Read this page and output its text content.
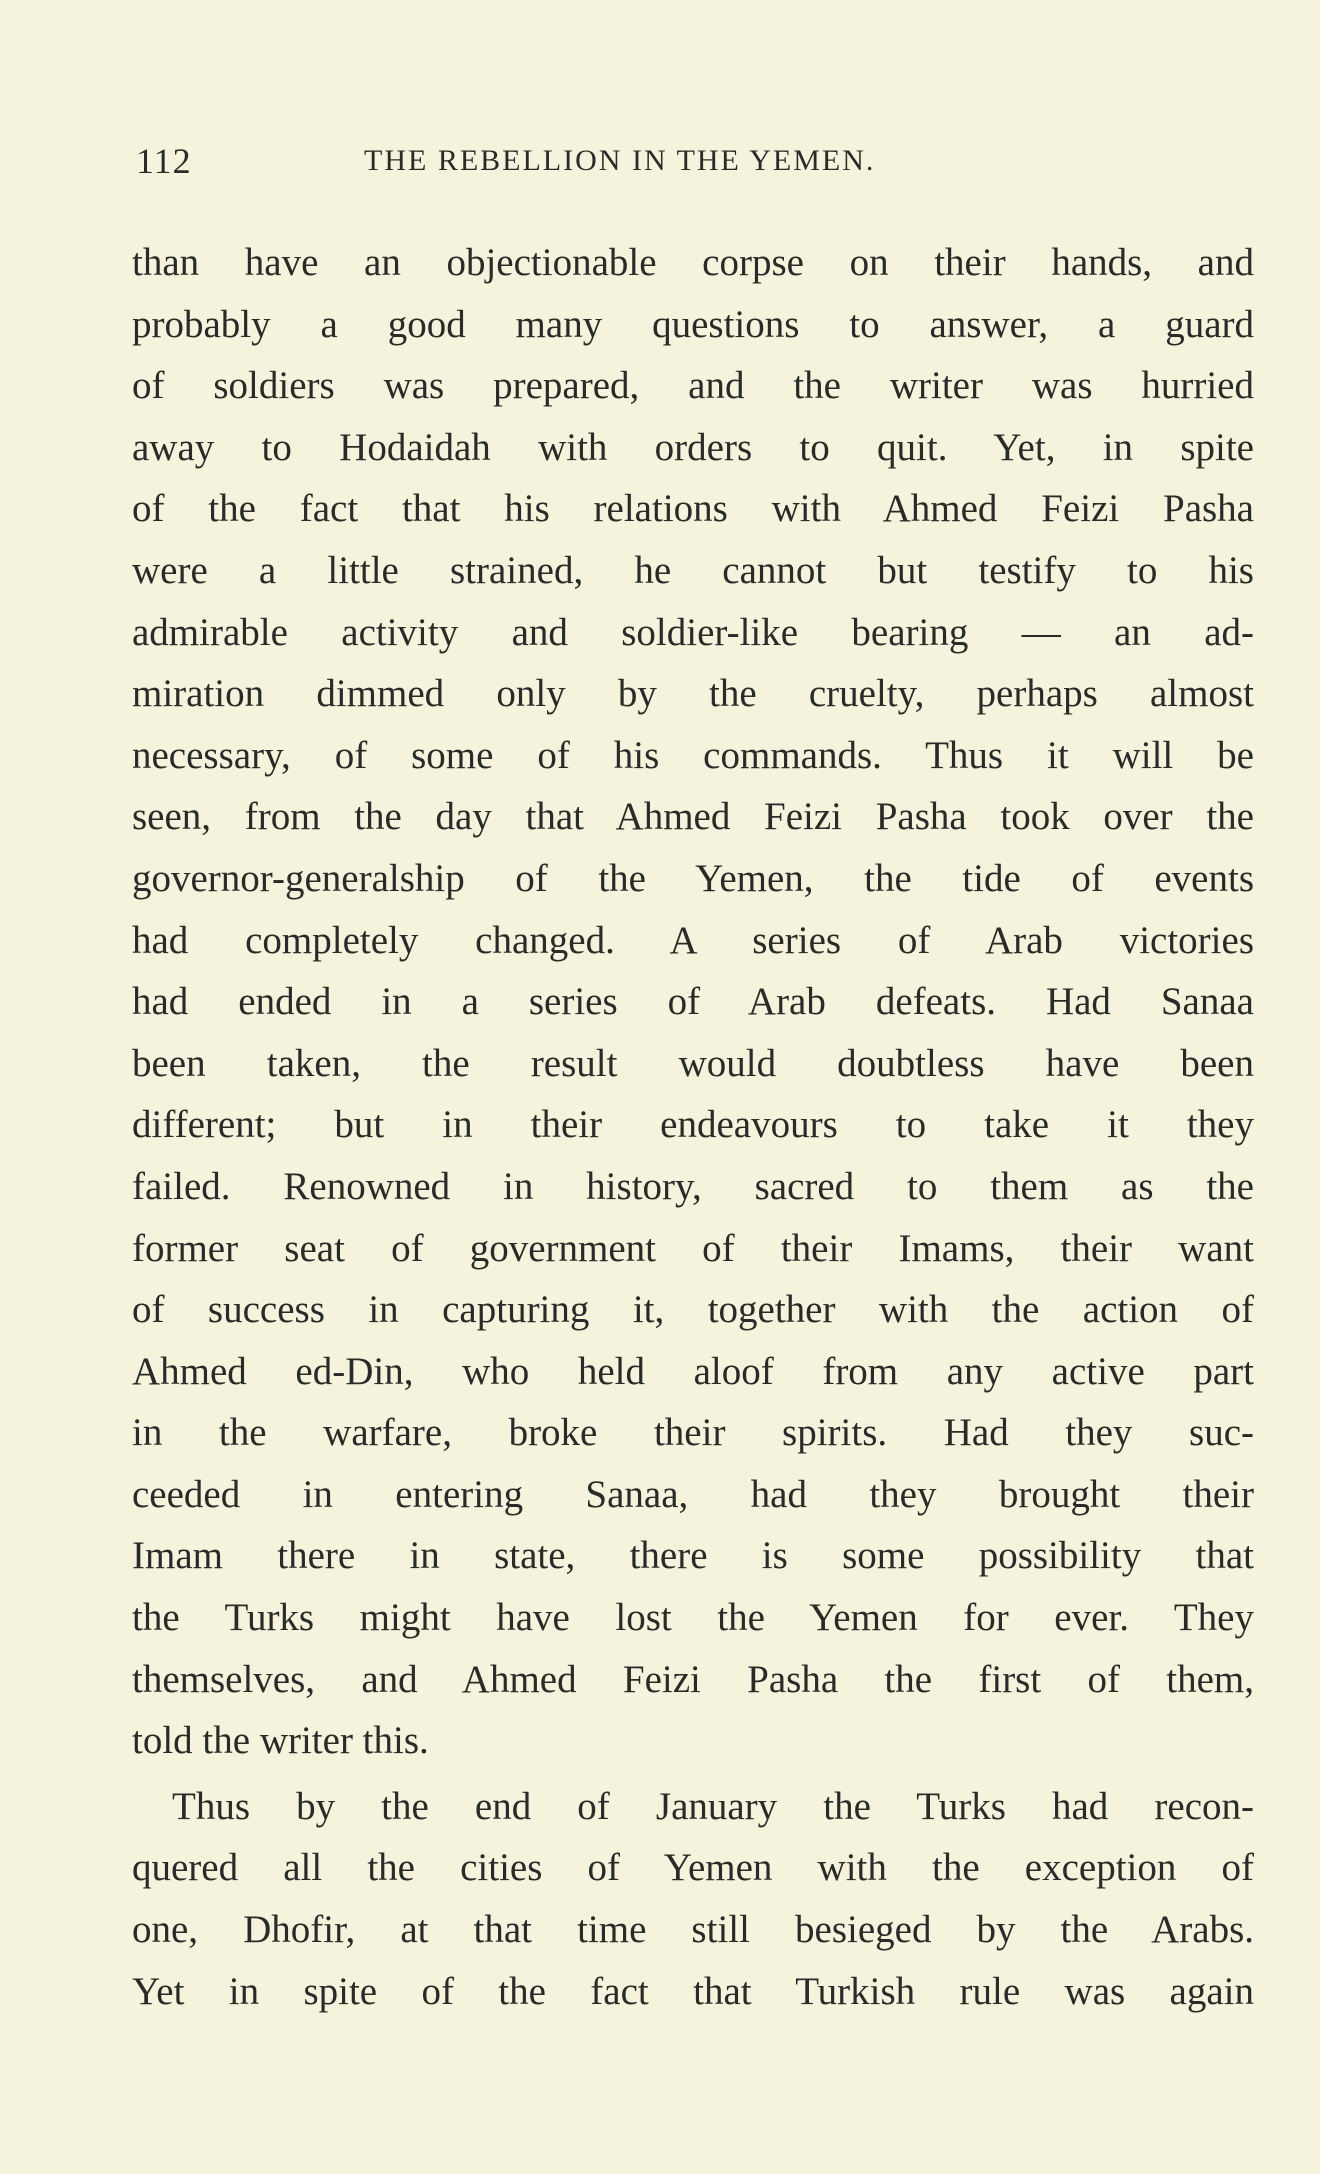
112	THE REBELLION IN THE YEMEN.
than have an objectionable corpse on their hands, and
probably a good many questions to answer, a guard
of soldiers was prepared, and the writer was hurried
away to Hodaidah with orders to quit. Yet, in spite
of the fact that his relations with Ahmed Feizi Pasha
were a little strained, he cannot but testify to his
admirable activity and soldier-like bearing — an ad-
miration dimmed only by the cruelty, perhaps almost
necessary, of some of his commands. Thus it will be
seen, from the day that Ahmed Feizi Pasha took over the
governor-generalship of the Yemen, the tide of events
had completely changed. A series of Arab victories
had ended in a series of Arab defeats. Had Sanaa
been taken, the result would doubtless have been
different; but in their endeavours to take it they
failed. Renowned in history, sacred to them as the
former seat of government of their Imams, their want
of success in capturing it, together with the action of
Ahmed ed-Din, who held aloof from any active part
in the warfare, broke their spirits. Had they suc-
ceeded in entering Sanaa, had they brought their
Imam there in state, there is some possibility that
the Turks might have lost the Yemen for ever. They
themselves, and Ahmed Feizi Pasha the first of them,
told the writer this.
Thus by the end of January the Turks had recon-
quered all the cities of Yemen with the exception of
one, Dhofir, at that time still besieged by the Arabs.
Yet in spite of the fact that Turkish rule was again
